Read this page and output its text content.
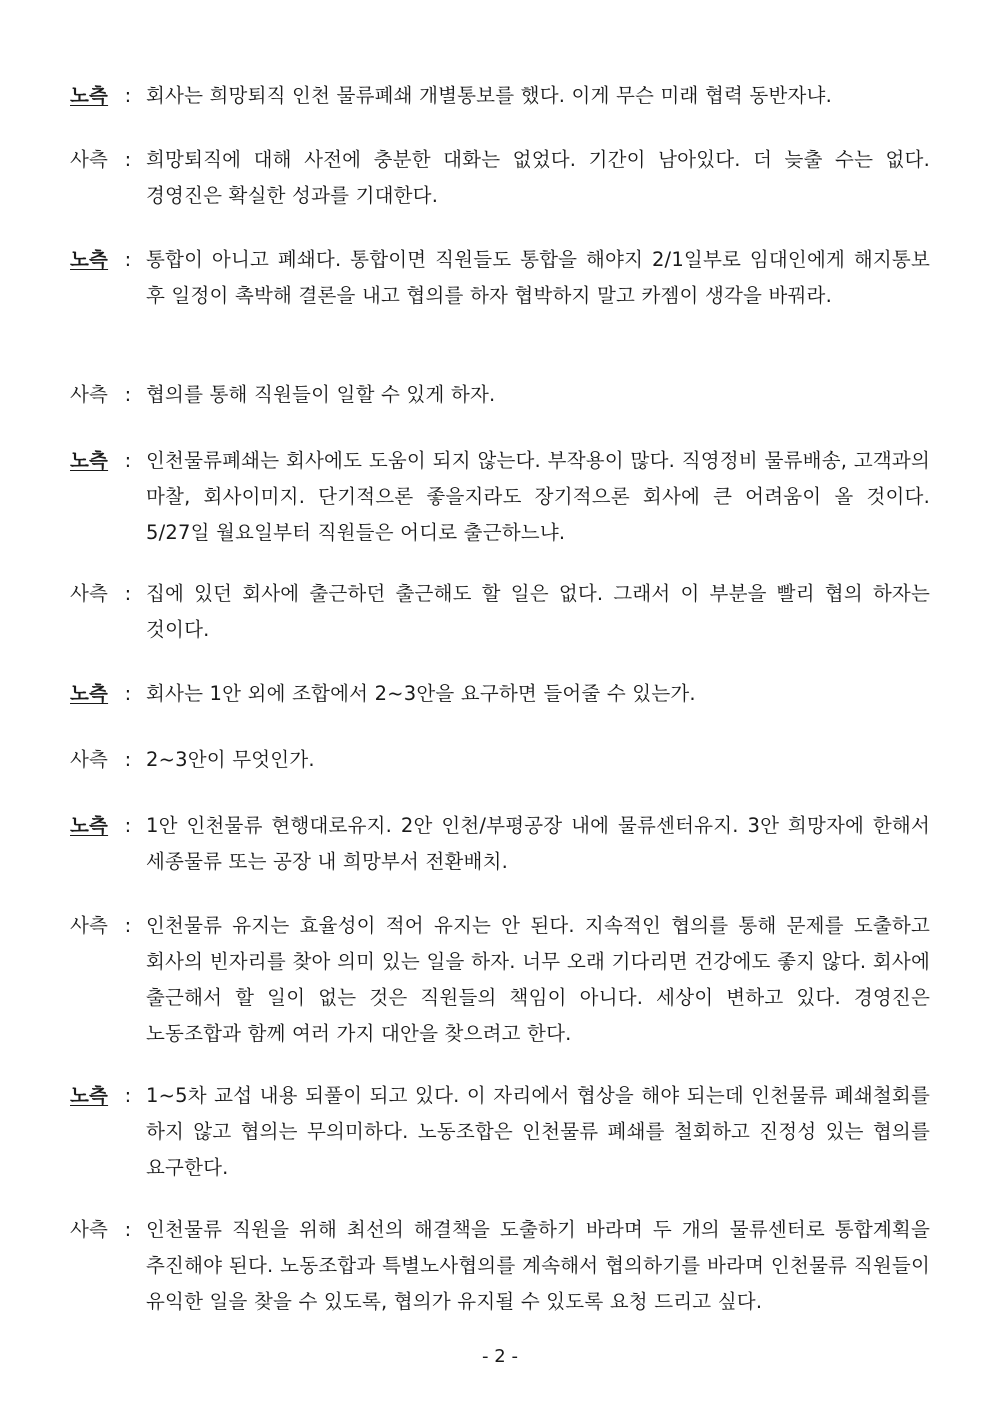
노측 : 회사는 희망퇴직 인천 물류폐쇄 개별통보를 했다. 이게 무슨 미래 협력 동반자냐.
사측 : 희망퇴직에 대해 사전에 충분한 대화는 없었다. 기간이 남아있다. 더 늦출 수는 없다. 경영진은 확실한 성과를 기대한다.
노측 : 통합이 아니고 폐쇄다. 통합이면 직원들도 통합을 해야지 2/1일부로 임대인에게 해지통보 후 일정이 촉박해 결론을 내고 협의를 하자 협박하지 말고 카젬이 생각을 바꿔라.
사측 : 협의를 통해 직원들이 일할 수 있게 하자.
노측 : 인천물류폐쇄는 회사에도 도움이 되지 않는다. 부작용이 많다. 직영정비 물류배송, 고객과의 마찰, 회사이미지. 단기적으론 좋을지라도 장기적으론 회사에 큰 어려움이 올 것이다. 5/27일 월요일부터 직원들은 어디로 출근하느냐.
사측 : 집에 있던 회사에 출근하던 출근해도 할 일은 없다. 그래서 이 부분을 빨리 협의 하자는 것이다.
노측 : 회사는 1안 외에 조합에서 2~3안을 요구하면 들어줄 수 있는가.
사측 : 2~3안이 무엇인가.
노측 : 1안 인천물류 현행대로유지. 2안 인천/부평공장 내에 물류센터유지. 3안 희망자에 한해서 세종물류 또는 공장 내 희망부서 전환배치.
사측 : 인천물류 유지는 효율성이 적어 유지는 안 된다. 지속적인 협의를 통해 문제를 도출하고 회사의 빈자리를 찾아 의미 있는 일을 하자. 너무 오래 기다리면 건강에도 좋지 않다. 회사에 출근해서 할 일이 없는 것은 직원들의 책임이 아니다. 세상이 변하고 있다. 경영진은 노동조합과 함께 여러 가지 대안을 찾으려고 한다.
노측 : 1~5차 교섭 내용 되풀이 되고 있다. 이 자리에서 협상을 해야 되는데 인천물류 폐쇄철회를 하지 않고 협의는 무의미하다. 노동조합은 인천물류 폐쇄를 철회하고 진정성 있는 협의를 요구한다.
사측 : 인천물류 직원을 위해 최선의 해결책을 도출하기 바라며 두 개의 물류센터로 통합계획을 추진해야 된다. 노동조합과 특별노사협의를 계속해서 협의하기를 바라며 인천물류 직원들이 유익한 일을 찾을 수 있도록, 협의가 유지될 수 있도록 요청 드리고 싶다.
- 2 -
